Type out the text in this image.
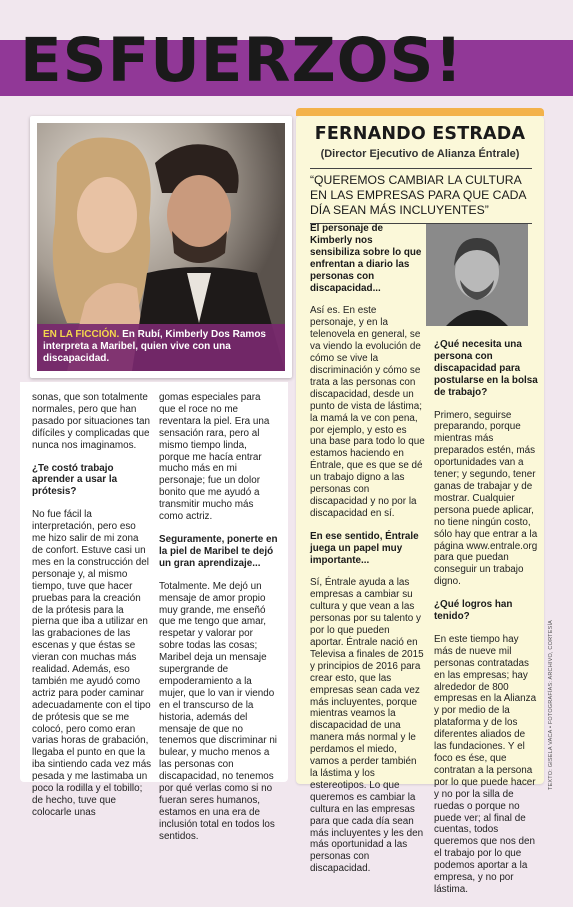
ESFUERZOS!
EN LA FICCIÓN. En Rubí, Kimberly Dos Ramos interpreta a Maribel, quien vive con una discapacidad.

sonas, que son totalmente normales, pero que han pasado por situaciones tan difíciles y complicadas que nunca nos imaginamos.

¿Te costó trabajo aprender a usar la prótesis?

No fue fácil la interpretación, pero eso me hizo salir de mi zona de confort. Estuve casi un mes en la construcción del personaje y, al mismo tiempo, tuve que hacer pruebas para la creación de la prótesis para la pierna que iba a utilizar en las grabaciones de las escenas y que éstas se vieran con muchas más realidad. Además, eso también me ayudó como actriz para poder caminar adecuadamente con el tipo de prótesis que se me colocó, pero como eran varias horas de grabación, llegaba el punto en que la iba sintiendo cada vez más pesada y me lastimaba un poco la rodilla y el tobillo; de hecho, tuve que colocarle unas

gomas especiales para que el roce no me reventara la piel. Era una sensación rara, pero al mismo tiempo linda, porque me hacía entrar mucho más en mi personaje; fue un dolor bonito que me ayudó a transmitir mucho más como actriz.

Seguramente, ponerte en la piel de Maribel te dejó un gran aprendizaje...

Totalmente. Me dejó un mensaje de amor propio muy grande, me enseñó que me tengo que amar, respetar y valorar por sobre todas las cosas; Maribel deja un mensaje supergrande de empoderamiento a la mujer, que lo van ir viendo en el transcurso de la historia, además del mensaje de que no tenemos que discriminar ni bulear, y mucho menos a las personas con discapacidad, no tenemos por qué verlas como si no fueran seres humanos, estamos en una era de inclusión total en todos los sentidos.

FERNANDO ESTRADA
(Director Ejecutivo de Alianza Éntrale)
“QUEREMOS CAMBIAR LA CULTURA EN LAS EMPRESAS PARA QUE CADA DÍA SEAN MÁS INCLUYENTES”

El personaje de Kimberly nos sensibiliza sobre lo que enfrentan a diario las personas con discapacidad...

Así es. En este personaje, y en la telenovela en general, se va viendo la evolución de cómo se vive la discriminación y cómo se trata a las personas con discapacidad, desde un punto de vista de lástima; la mamá la ve con pena, por ejemplo, y esto es una base para todo lo que estamos haciendo en Éntrale, que es que se dé un trabajo digno a las personas con discapacidad y no por la discapacidad en sí.

En ese sentido, Éntrale juega un papel muy importante...

Sí, Éntrale ayuda a las empresas a cambiar su cultura y que vean a las personas por su talento y por lo que pueden aportar. Éntrale nació en Televisa a finales de 2015 y principios de 2016 para crear esto, que las empresas sean cada vez más incluyentes, porque mientras veamos la discapacidad de una manera más normal y le perdamos el miedo, vamos a perder también la lástima y los estereotipos. Lo que queremos es cambiar la cultura en las empresas para que cada día sean más incluyentes y les den más oportunidad a las personas con discapacidad.

¿Qué necesita una persona con discapacidad para postularse en la bolsa de trabajo?

Primero, seguirse preparando, porque mientras más preparados estén, más oportunidades van a tener; y segundo, tener ganas de trabajar y de mostrar. Cualquier persona puede aplicar, no tiene ningún costo, sólo hay que entrar a la página www.entrale.org para que puedan conseguir un trabajo digno.

¿Qué logros han tenido?

En este tiempo hay más de nueve mil personas contratadas en las empresas; hay alrededor de 800 empresas en la Alianza y por medio de la plataforma y de los diferentes aliados de las fundaciones. Y el foco es ése, que contratan a la persona por lo que puede hacer y no por la silla de ruedas o porque no puede ver; al final de cuentas, todos queremos que nos den el trabajo por lo que podemos aportar a la empresa, y no por lástima.

TEXTO: GISELA VACA • FOTOGRAFÍAS: ARCHIVO, CORTESÍA
